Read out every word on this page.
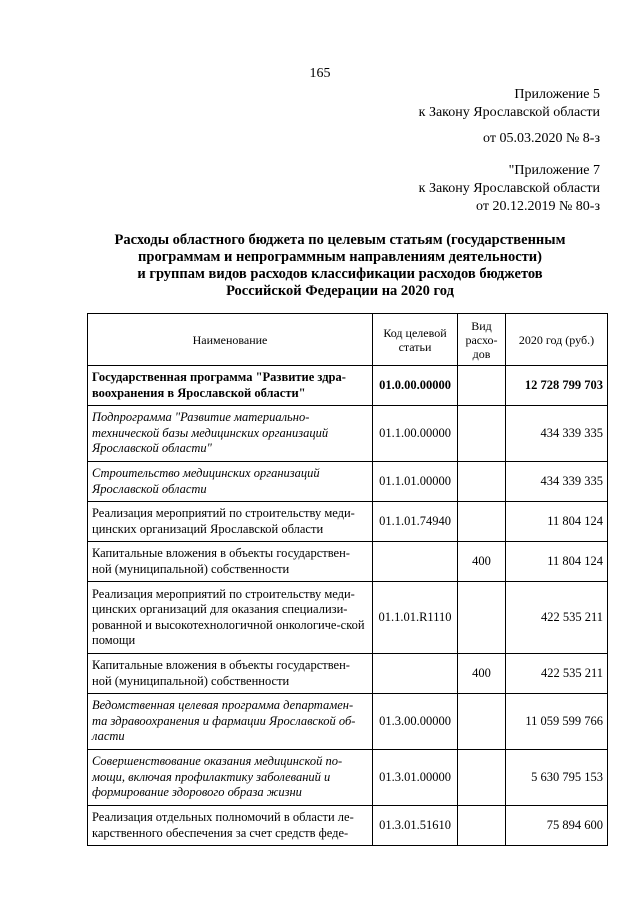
165
Приложение 5
к Закону Ярославской области
от 05.03.2020 № 8-з
"Приложение 7
к Закону Ярославской области
от 20.12.2019 № 80-з
Расходы областного бюджета по целевым статьям (государственным
программам и непрограммным направлениям деятельности)
и группам видов расходов классификации расходов бюджетов
Российской Федерации на 2020 год
Наименование	Код целевой статьи	Вид расхо-дов	2020 год (руб.)
Государственная программа "Развитие здра-воохранения в Ярославской области"	01.0.00.00000		12 728 799 703
Подпрограмма "Развитие материально-технической базы медицинских организаций Ярославской области"	01.1.00.00000		434 339 335
Строительство медицинских организаций Ярославской области	01.1.01.00000		434 339 335
Реализация мероприятий по строительству меди-цинских организаций Ярославской области	01.1.01.74940		11 804 124
Капитальные вложения в объекты государствен-ной (муниципальной) собственности		400	11 804 124
Реализация мероприятий по строительству меди-цинских организаций для оказания специализи-рованной и высокотехнологичной онкологиче-ской помощи	01.1.01.R1110		422 535 211
Капитальные вложения в объекты государствен-ной (муниципальной) собственности		400	422 535 211
Ведомственная целевая программа департамен-та здравоохранения и фармации Ярославской об-ласти	01.3.00.00000		11 059 599 766
Совершенствование оказания медицинской по-мощи, включая профилактику заболеваний и формирование здорового образа жизни	01.3.01.00000		5 630 795 153
Реализация отдельных полномочий в области ле-карственного обеспечения за счет средств феде-	01.3.01.51610		75 894 600
